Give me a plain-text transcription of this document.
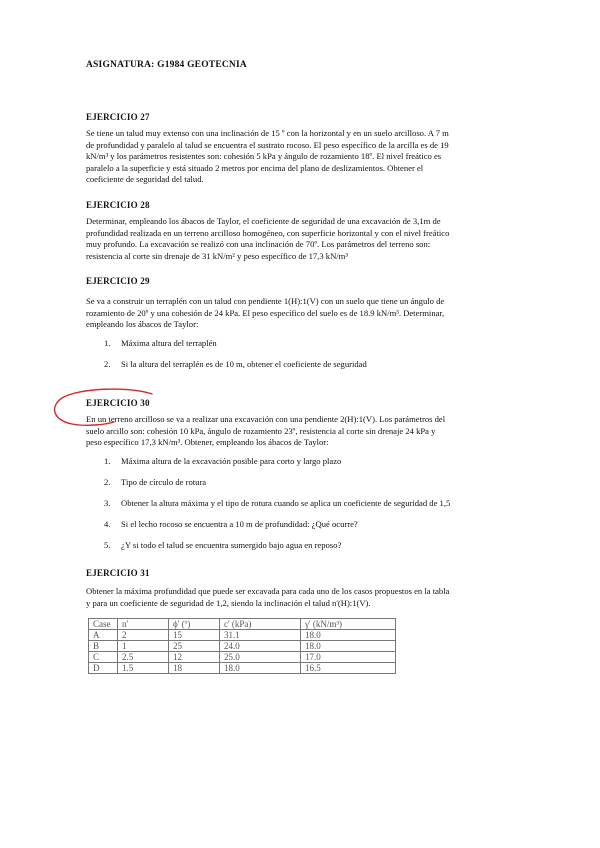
ASIGNATURA: G1984 GEOTECNIA
EJERCICIO 27
Se tiene un talud muy extenso con una inclinación de 15 º con la horizontal y en un suelo arcilloso. A 7 m
de profundidad y paralelo al talud se encuentra el sustrato rocoso. El peso específico de la arcilla es de 19
kN/m³ y los parámetros resistentes son: cohesión 5 kPa y ángulo de rozamiento 18º. El nivel freático es
paralelo a la superficie y está situado 2 metros por encima del plano de deslizamientos. Obtener el
coeficiente de seguridad del talud.
EJERCICIO 28
Determinar, empleando los ábacos de Taylor, el coeficiente de seguridad de una excavación de 3,1m de
profundidad realizada en un terreno arcilloso homogéneo, con superficie horizontal y con el nivel freático
muy profundo. La excavación se realizó con una inclinación de 70º. Los parámetros del terreno son:
resistencia al corte sin drenaje de 31 kN/m² y peso específico de 17,3 kN/m³
EJERCICIO 29
Se va a construir un terraplén con un talud con pendiente 1(H):1(V) con un suelo que tiene un ángulo de
rozamiento de 20º y una cohesión de 24 kPa. El peso específico del suelo es de 18.9 kN/m³. Determinar,
empleando los ábacos de Taylor:
1.	Máxima altura del terraplén
2.	Si la altura del terraplén es de 10 m, obtener el coeficiente de seguridad
EJERCICIO 30
En un terreno arcilloso se va a realizar una excavación con una pendiente 2(H):1(V). Los parámetros del
suelo arcillo son: cohesión 10 kPa, ángulo de rozamiento 23º, resistencia al corte sin drenaje 24 kPa y
peso específico 17,3 kN/m³. Obtener, empleando los ábacos de Taylor:
1.	Máxima altura de la excavación posible para corto y largo plazo
2.	Tipo de círculo de rotura
3.	Obtener la altura máxima y el tipo de rotura cuando se aplica un coeficiente de seguridad de 1,5
4.	Si el lecho rocoso se encuentra a 10 m de profundidad: ¿Qué ocurre?
5.	¿Y si todo el talud se encuentra sumergido bajo agua en reposo?
EJERCICIO 31
Obtener la máxima profundidad que puede ser excavada para cada uno de los casos propuestos en la tabla
y para un coeficiente de seguridad de 1,2, siendo la inclinación el talud n'(H):1(V).
Case	n'	ϕ' (º)	c' (kPa)	γ' (kN/m³)
A	2	15	31.1	18.0
B	1	25	24.0	18.0
C	2.5	12	25.0	17.0
D	1.5	18	18.0	16.5
